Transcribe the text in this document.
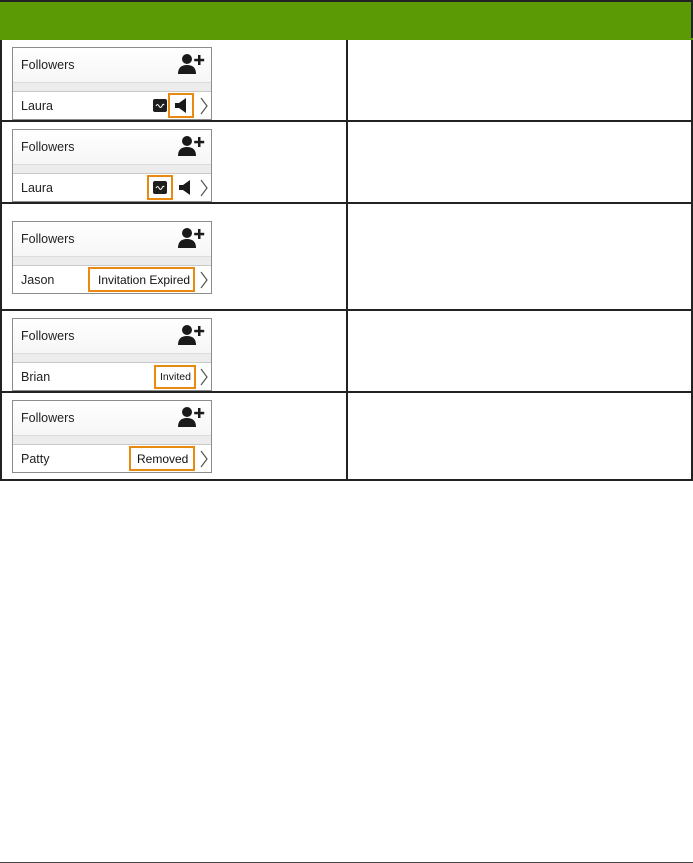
Followers
Laura	

Followers
Laura	

Followers
Jason Invitation Expired	

Followers
Brian Invited	

Followers
Patty Removed	
